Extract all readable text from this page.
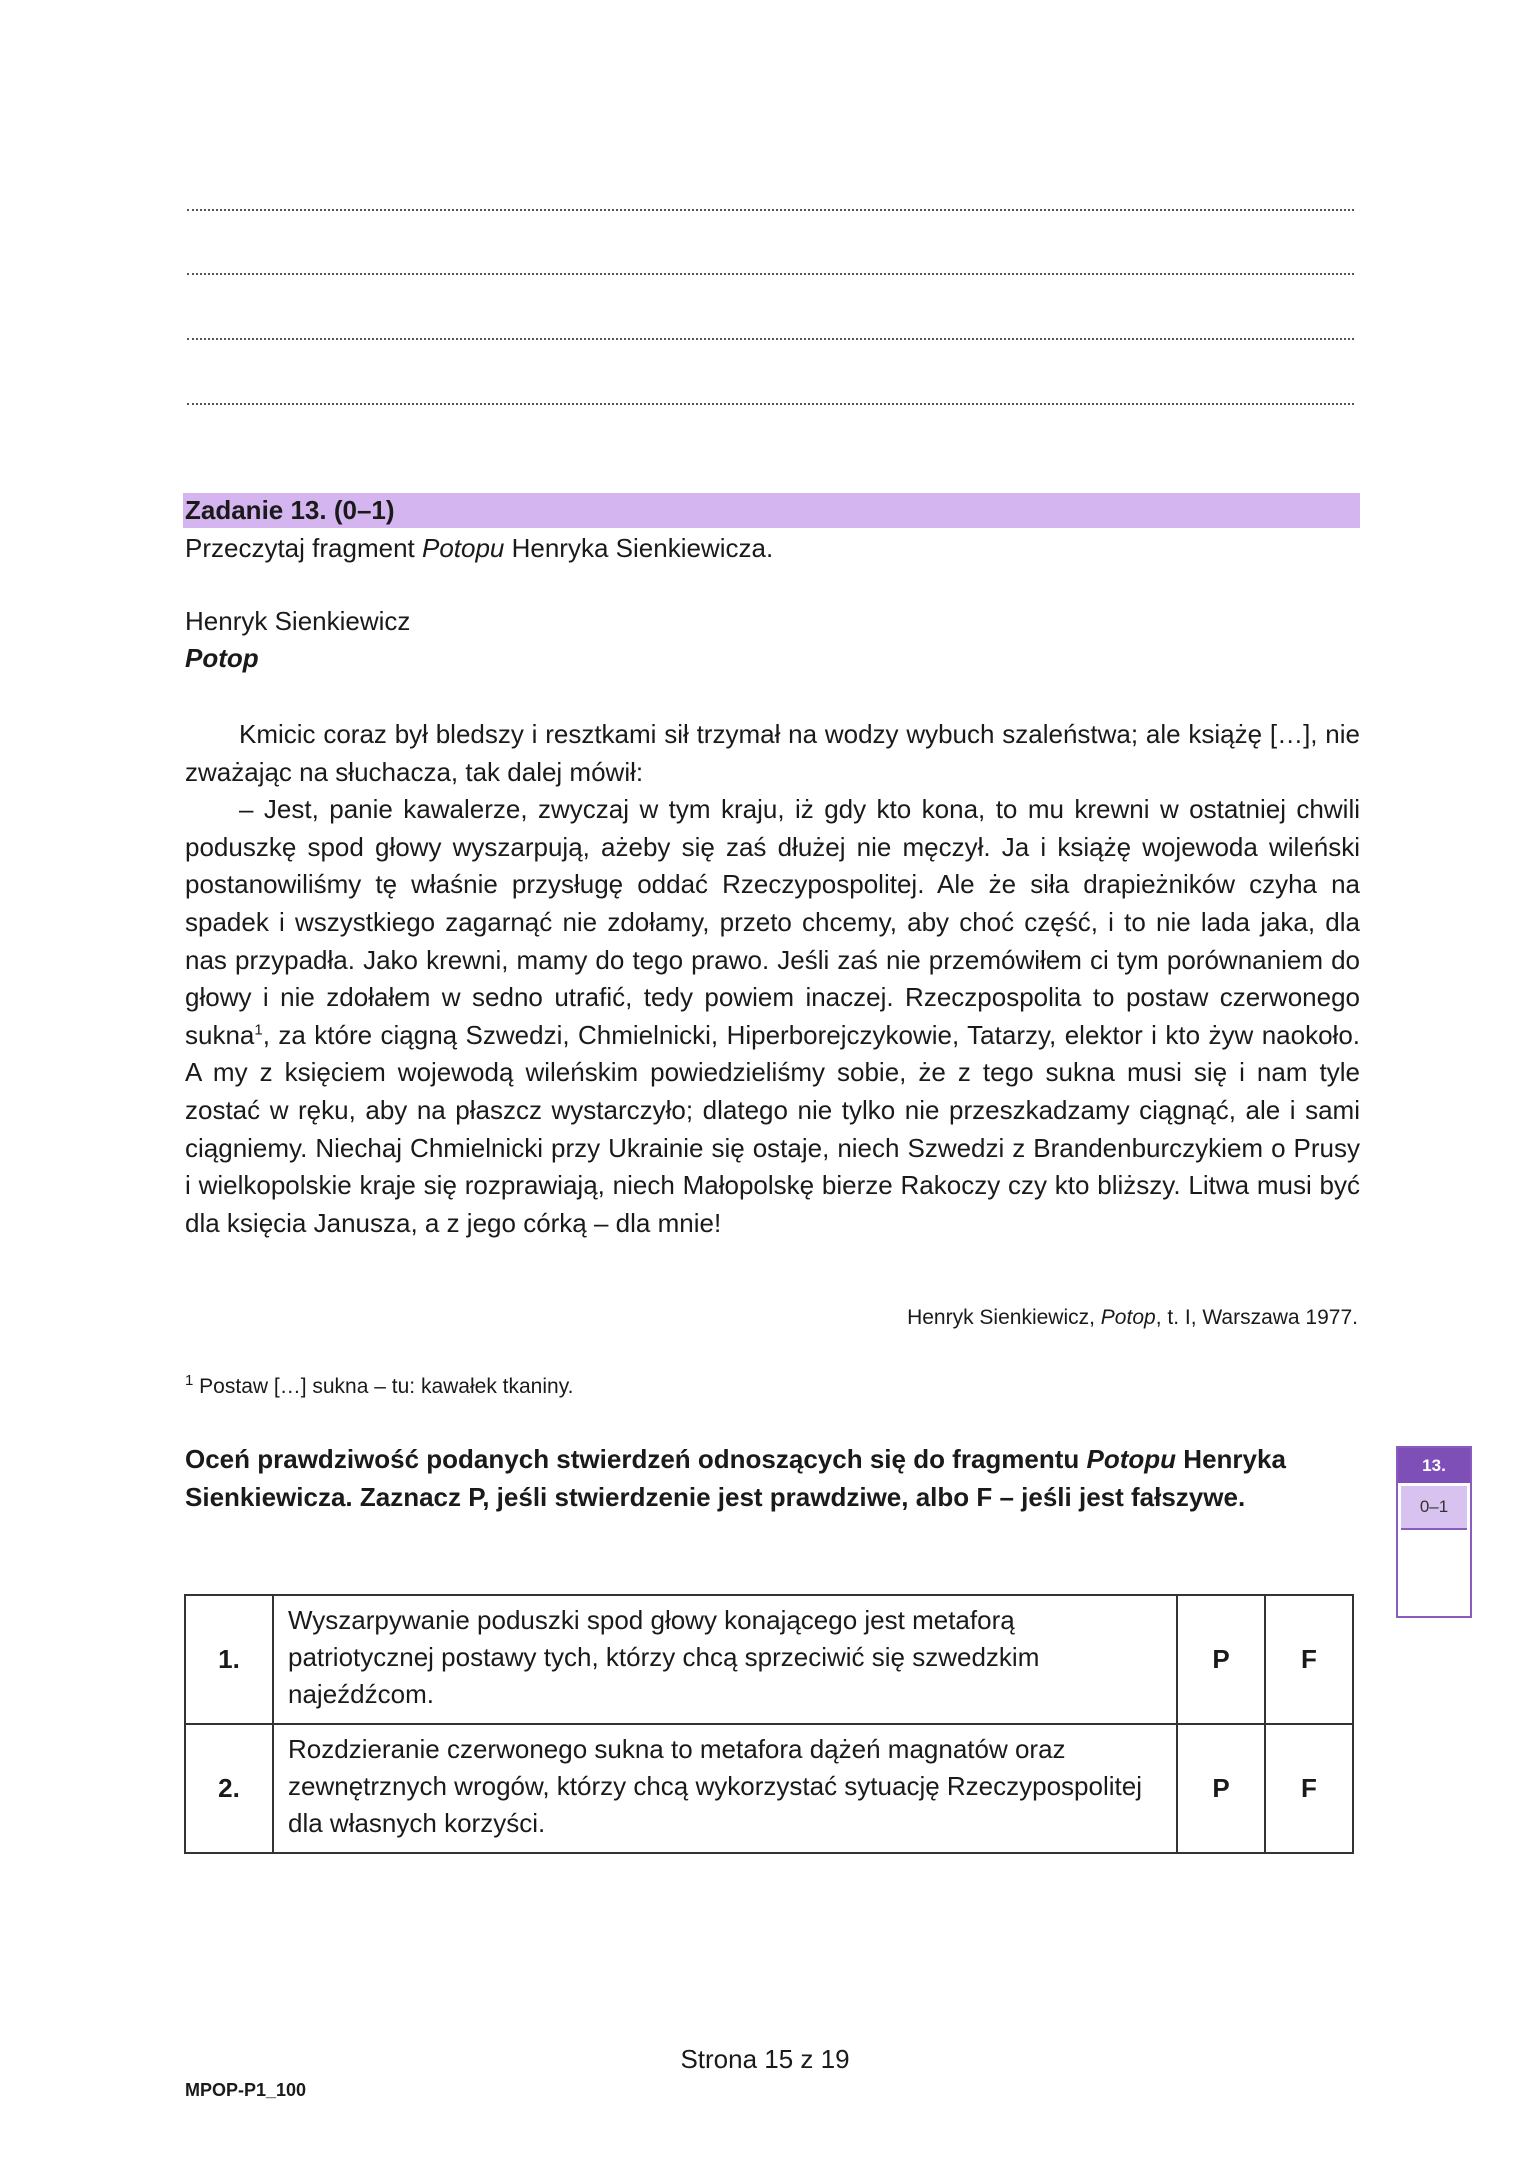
Zadanie 13. (0–1)
Przeczytaj fragment Potopu Henryka Sienkiewicza.
Henryk Sienkiewicz
Potop

Kmicic coraz był bledszy i resztkami sił trzymał na wodzy wybuch szaleństwa; ale książę […], nie zważając na słuchacza, tak dalej mówił:

– Jest, panie kawalerze, zwyczaj w tym kraju, iż gdy kto kona, to mu krewni w ostatniej chwili poduszkę spod głowy wyszarpują, ażeby się zaś dłużej nie męczył. Ja i książę wojewoda wileński postanowiliśmy tę właśnie przysługę oddać Rzeczypospolitej. Ale że siła drapieżników czyha na spadek i wszystkiego zagarnąć nie zdołamy, przeto chcemy, aby choć część, i to nie lada jaka, dla nas przypadła. Jako krewni, mamy do tego prawo. Jeśli zaś nie przemówiłem ci tym porównaniem do głowy i nie zdołałem w sedno utrafić, tedy powiem inaczej. Rzeczpospolita to postaw czerwonego sukna$^1$, za które ciągną Szwedzi, Chmielnicki, Hiperborejczykowie, Tatarzy, elektor i kto żyw naokoło. A my z księciem wojewodą wileńskim powiedzieliśmy sobie, że z tego sukna musi się i nam tyle zostać w ręku, aby na płaszcz wystarczyło; dlatego nie tylko nie przeszkadzamy ciągnąć, ale i sami ciągniemy. Niechaj Chmielnicki przy Ukrainie się ostaje, niech Szwedzi z Brandenburczykiem o Prusy i wielkopolskie kraje się rozprawiają, niech Małopolskę bierze Rakoczy czy kto bliższy. Litwa musi być dla księcia Janusza, a z jego córką – dla mnie!

Henryk Sienkiewicz, Potop, t. I, Warszawa 1977.
$^1$ Postaw […] sukna – tu: kawałek tkaniny.
Oceń prawdziwość podanych stwierdzeń odnoszących się do fragmentu Potopu Henryka Sienkiewicza. Zaznacz P, jeśli stwierdzenie jest prawdziwe, albo F – jeśli jest fałszywe.
13.
0–1
1.	Wyszarpywanie poduszki spod głowy konającego jest metaforą patriotycznej postawy tych, którzy chcą sprzeciwić się szwedzkim najeźdźcom.	P	F
2.	Rozdzieranie czerwonego sukna to metafora dążeń magnatów oraz zewnętrznych wrogów, którzy chcą wykorzystać sytuację Rzeczypospolitej dla własnych korzyści.	P	F
Strona 15 z 19
MPOP-P1_100
